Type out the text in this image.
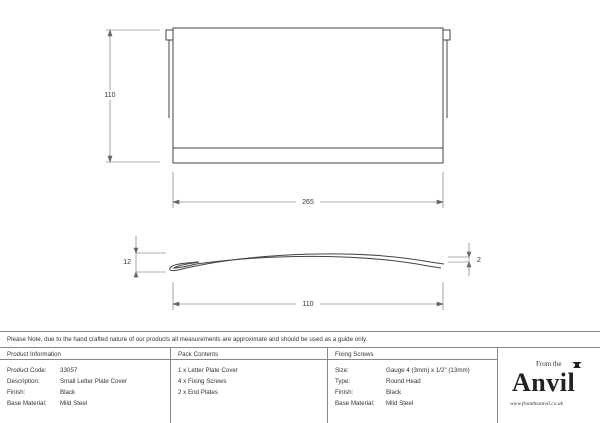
110
265
12	2
110
Please Note, due to the hand crafted nature of our products all measurements are approximate and should be used as a guide only.
Product Information
Product Code: 33057
Description:	Small Letter Plate Cover
Finish:	Black
Base Material: Mild Steel
Pack Contents
1 x Letter Plate Cover
4 x Fixing Screws
2 x End Plates
Fixing Screws
Size:	Gauge 4 (3mm) x 1/2" (13mm)
Type:	Round Head
Finish:	Black
Base Material: Mild Steel
From the
Anvil
www.fromtheanvil.co.uk
